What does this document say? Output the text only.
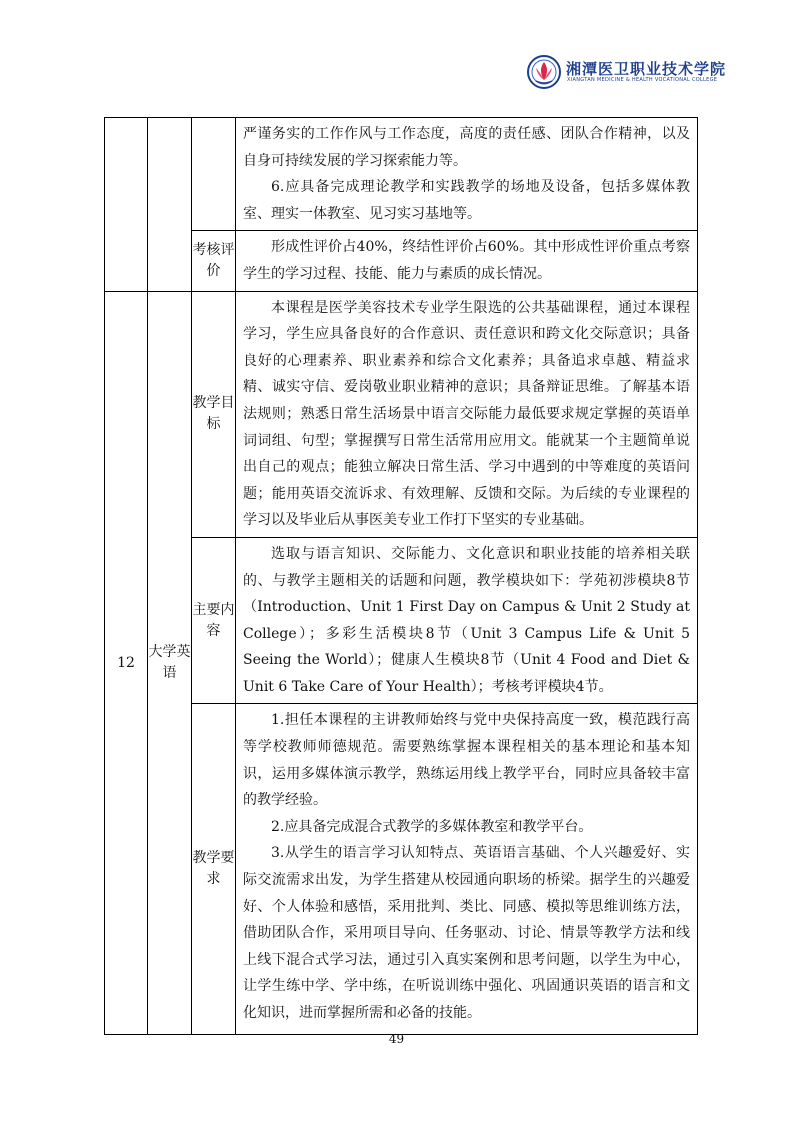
湘潭医卫职业技术学院
XIANGTAN MEDICINE & HEALTH VOCATIONAL COLLEGE

			严谨务实的工作作风与工作态度，高度的责任感、团队合作精神，以及自身可持续发展的学习探索能力等。

6.应具备完成理论教学和实践教学的场地及设备，包括多媒体教室、理实一体教室、见习实习基地等。

		考核评价	形成性评价占40%，终结性评价占60%。其中形成性评价重点考察学生的学习过程、技能、能力与素质的成长情况。

12	大学英语	教学目标	本课程是医学美容技术专业学生限选的公共基础课程，通过本课程学习，学生应具备良好的合作意识、责任意识和跨文化交际意识；具备良好的心理素养、职业素养和综合文化素养；具备追求卓越、精益求精、诚实守信、爱岗敬业职业精神的意识；具备辩证思维。了解基本语法规则；熟悉日常生活场景中语言交际能力最低要求规定掌握的英语单词词组、句型；掌握撰写日常生活常用应用文。能就某一个主题简单说出自己的观点；能独立解决日常生活、学习中遇到的中等难度的英语问题；能用英语交流诉求、有效理解、反馈和交际。为后续的专业课程的学习以及毕业后从事医美专业工作打下坚实的专业基础。

		主要内容	选取与语言知识、交际能力、文化意识和职业技能的培养相关联的、与教学主题相关的话题和问题，教学模块如下：学苑初涉模块8节（Introduction、Unit 1 First Day on Campus & Unit 2 Study at College）；多彩生活模块8节（Unit 3 Campus Life & Unit 5 Seeing the World）；健康人生模块8节（Unit 4 Food and Diet & Unit 6 Take Care of Your Health）；考核考评模块4节。

		教学要求	1.担任本课程的主讲教师始终与党中央保持高度一致，模范践行高等学校教师师德规范。需要熟练掌握本课程相关的基本理论和基本知识，运用多媒体演示教学，熟练运用线上教学平台，同时应具备较丰富的教学经验。

2.应具备完成混合式教学的多媒体教室和教学平台。

3.从学生的语言学习认知特点、英语语言基础、个人兴趣爱好、实际交流需求出发，为学生搭建从校园通向职场的桥梁。据学生的兴趣爱好、个人体验和感悟，采用批判、类比、同感、模拟等思维训练方法，借助团队合作，采用项目导向、任务驱动、讨论、情景等教学方法和线上线下混合式学习法，通过引入真实案例和思考问题，以学生为中心，让学生练中学、学中练，在听说训练中强化、巩固通识英语的语言和文化知识，进而掌握所需和必备的技能。

49
